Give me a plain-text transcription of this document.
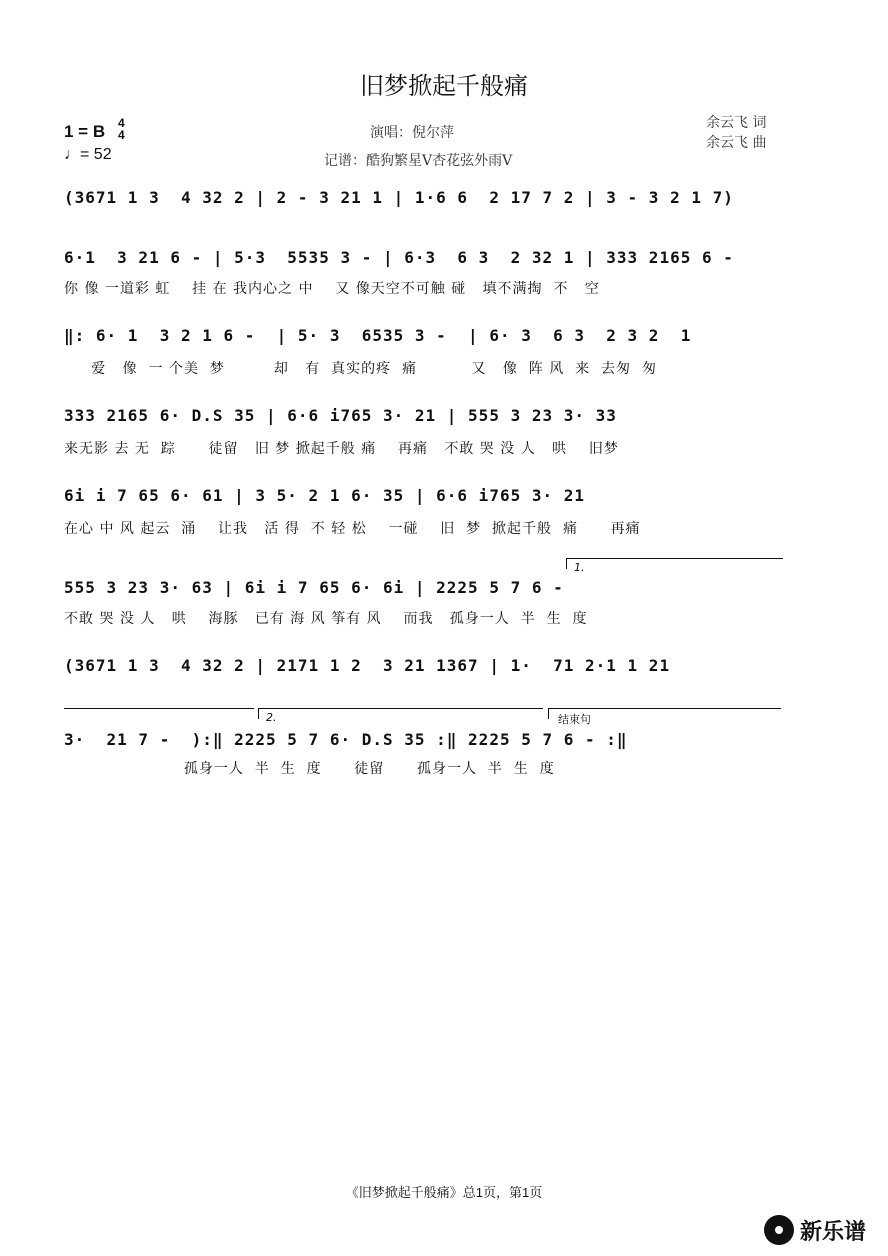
旧梦掀起千般痛
1 = B 4
4
♩= 52
演唱：倪尔萍
记谱：酷狗繁星V杏花弦外雨V
余云飞 词
余云飞 曲
(3671 1 3  4 32 2 | 2 - 3 21 1 | 1·6 6  2 17 7 2 | 3 - 3 2 1 7)
6·1  3 21 6 - | 5·3  5535 3 - | 6·3  6 3  2 32 1 | 333 2165 6 -
你 像 一道彩 虹    挂 在 我内心之 中    又 像天空不可触 碰   填不满掏  不   空
‖: 6· 1  3 2 1 6 -  | 5· 3  6535 3 -  | 6· 3  6 3  2 3 2  1
爱   像  一 个美  梦         却   有  真实的疼  痛          又   像  阵 风  来  去匆  匆
333 2165 6· D.S 35 | 6·6 i765 3· 21 | 555 3 23 3· 33
来无影 去 无  踪      徒留   旧 梦 掀起千般 痛    再痛   不敢 哭 没 人   哄    旧梦
6i i 7 65 6· 61 | 3 5· 2 1 6· 35 | 6·6 i765 3· 21
在心 中 风 起云  涌    让我   活 得  不 轻 松    一碰    旧  梦  掀起千般  痛      再痛
1.
555 3 23 3· 63 | 6i i 7 65 6· 6i | 2225 5 7 6 -
不敢 哭 没 人   哄    海豚   已有 海 风 筝有 风    而我   孤身一人  半  生  度
(3671 1 3  4 32 2 | 2171 1 2  3 21 1367 | 1·  71 2·1 1 21
2.	结束句
3·  21 7 -  ):‖ 2225 5 7 6· D.S 35 :‖ 2225 5 7 6 - :‖
孤身一人  半  生  度      徒留      孤身一人  半  生  度
《旧梦掀起千般痛》总1页，第1页
新乐谱
